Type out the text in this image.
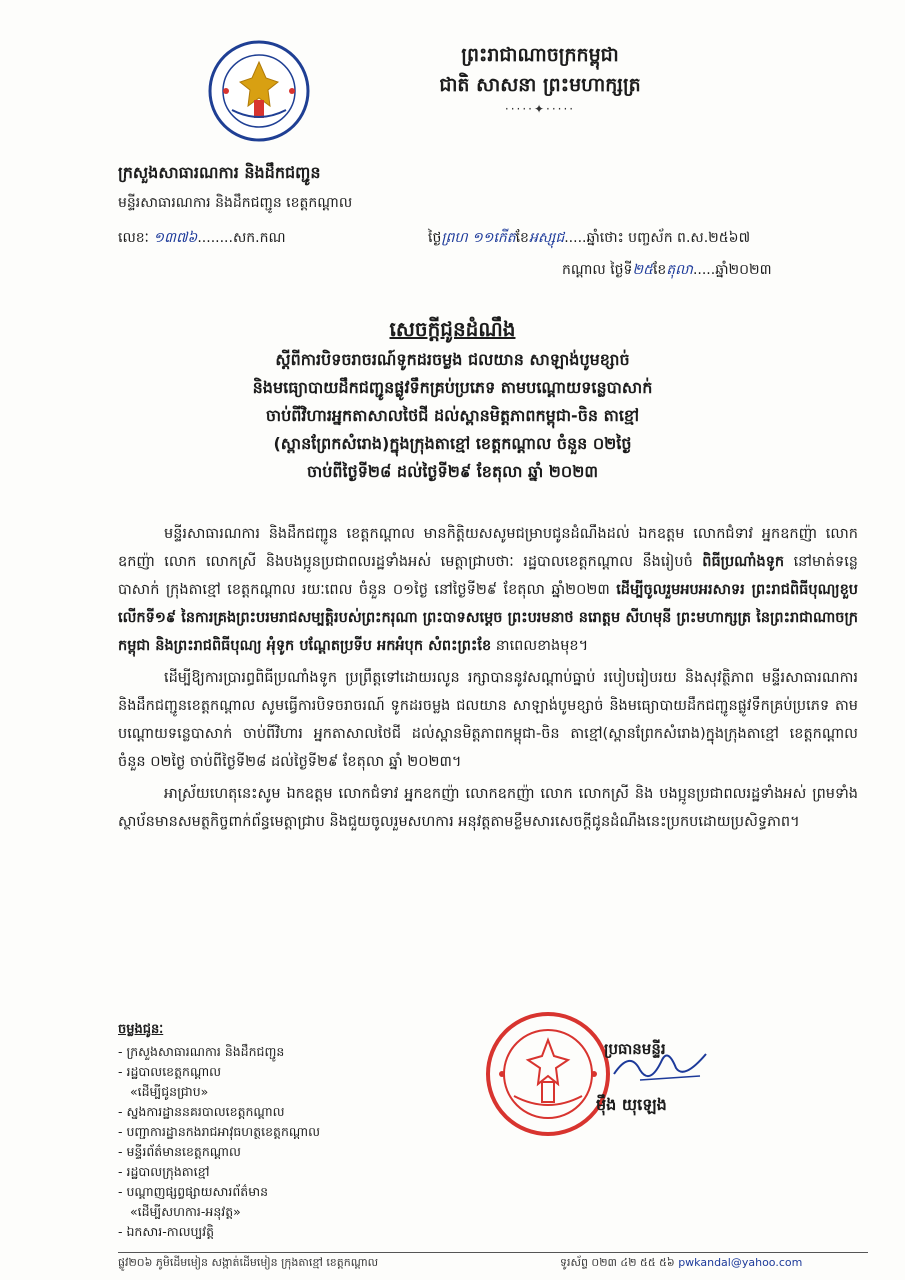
ព្រះរាជាណាចក្រកម្ពុជា
ជាតិ សាសនា ព្រះមហាក្សត្រ
·····✦·····
ក្រសួងសាធារណការ និងដឹកជញ្ជូន
មន្ទីរសាធារណការ និងដឹកជញ្ជូន ខេត្តកណ្ដាល
លេខៈ ១៣៧៦........សក.កណ	ថ្ងៃព្រហ ១១កើតខែអស្សុជ.....ឆ្នាំថោះ បញ្ចស័ក ព.ស.២៥៦៧
កណ្ដាល ថ្ងៃទី២៥ខែតុលា.....ឆ្នាំ២០២៣
សេចក្ដីជូនដំណឹង
ស្ដីពីការបិទចរាចរណ៍ទូកដរចម្លង ជលយាន សាឡាង់បូមខ្សាច់
និងមធ្យោបាយដឹកជញ្ជូនផ្លូវទឹកគ្រប់ប្រភេទ តាមបណ្ដោយទន្លេបាសាក់
ចាប់ពីវិហារអ្នកតាសាលថៃជី ដល់ស្ពានមិត្តភាពកម្ពុជា-ចិន តាខ្មៅ
(ស្ពានព្រែកសំរោង)ក្នុងក្រុងតាខ្មៅ ខេត្តកណ្ដាល ចំនួន ០២ថ្ងៃ
ចាប់ពីថ្ងៃទី២៨ ដល់ថ្ងៃទី២៩ ខែតុលា ឆ្នាំ ២០២៣

មន្ទីរសាធារណការ និងដឹកជញ្ជូន ខេត្តកណ្ដាល មានកិត្តិយសសូមជម្រាបជូនដំណឹងដល់ ឯកឧត្តម លោកជំទាវ អ្នកឧកញ៉ា លោកឧកញ៉ា លោក លោកស្រី និងបងប្អូនប្រជាពលរដ្ឋទាំងអស់ មេត្តាជ្រាបថាៈ រដ្ឋបាលខេត្តកណ្ដាល នឹងរៀបចំ ពិធីប្រណាំងទូក នៅមាត់ទន្លេបាសាក់ ក្រុងតាខ្មៅ ខេត្តកណ្ដាល រយៈពេល ចំនួន ០១ថ្ងៃ នៅថ្ងៃទី២៩ ខែតុលា ឆ្នាំ២០២៣ ដើម្បីចូលរួមអបអរសាទរ ព្រះរាជពិធីបុណ្យខួប លើកទី១៩ នៃការគ្រងព្រះបរមរាជសម្បត្តិរបស់ព្រះករុណា ព្រះបាទសម្ដេច ព្រះបរមនាថ នរោត្តម សីហមុនី ព្រះមហាក្សត្រ នៃព្រះរាជាណាចក្រកម្ពុជា និងព្រះរាជពិធីបុណ្យ អុំទូក បណ្ដែតប្រទីប អកអំបុក សំពះព្រះខែ នាពេលខាងមុខ។

ដើម្បីឱ្យការប្រារព្ធពិធីប្រណាំងទូក ប្រព្រឹត្តទៅដោយរលូន រក្សាបាននូវសណ្ដាប់ធ្នាប់ របៀបរៀបរយ និងសុវត្ថិភាព មន្ទីរសាធារណការ និងដឹកជញ្ជូនខេត្តកណ្ដាល សូមធ្វើការបិទចរាចរណ៍ ទូកដរចម្លង ជលយាន សាឡាង់បូមខ្សាច់ និងមធ្យោបាយដឹកជញ្ជូនផ្លូវទឹកគ្រប់ប្រភេទ តាមបណ្ដោយទន្លេបាសាក់ ចាប់ពីវិហារ អ្នកតាសាលថៃជី ដល់ស្ពានមិត្តភាពកម្ពុជា-ចិន តាខ្មៅ(ស្ពានព្រែកសំរោង)ក្នុងក្រុងតាខ្មៅ ខេត្តកណ្ដាល ចំនួន ០២ថ្ងៃ ចាប់ពីថ្ងៃទី២៨ ដល់ថ្ងៃទី២៩ ខែតុលា ឆ្នាំ ២០២៣។

អាស្រ័យហេតុនេះសូម ឯកឧត្តម លោកជំទាវ អ្នកឧកញ៉ា លោកឧកញ៉ា លោក លោកស្រី និង បងប្អូនប្រជាពលរដ្ឋទាំងអស់ ព្រមទាំងស្ថាប័នមានសមត្ថកិច្ចពាក់ព័ន្ធមេត្តាជ្រាប និងជួយចូលរួមសហការ អនុវត្តតាមខ្លឹមសារសេចក្ដីជូនដំណឹងនេះប្រកបដោយប្រសិទ្ធភាព។

ចម្លងជូនៈ
- ក្រសួងសាធារណការ និងដឹកជញ្ជូន
- រដ្ឋបាលខេត្តកណ្ដាល
«ដើម្បីជូនជ្រាប»
- ស្នងការដ្ឋាននគរបាលខេត្តកណ្ដាល
- បញ្ជាការដ្ឋានកងរាជអាវុធហត្ថខេត្តកណ្ដាល
- មន្ទីរព័ត៌មានខេត្តកណ្ដាល
- រដ្ឋបាលក្រុងតាខ្មៅ
- បណ្ដាញផ្សព្វផ្សាយសារព័ត៌មាន
«ដើម្បីសហការ-អនុវត្ត»
- ឯកសារ-កាលប្បវត្តិ
ប្រធានមន្ទីរ
ម៉ឹង យុឡេង
ផ្លូវ២០៦ ភូមិដើមមៀន សង្កាត់ដើមមៀន ក្រុងតាខ្មៅ ខេត្តកណ្ដាល	ទូរស័ព្ទ ០២៣ ៤២ ៥៥ ៥៦ pwkandal@yahoo.com
